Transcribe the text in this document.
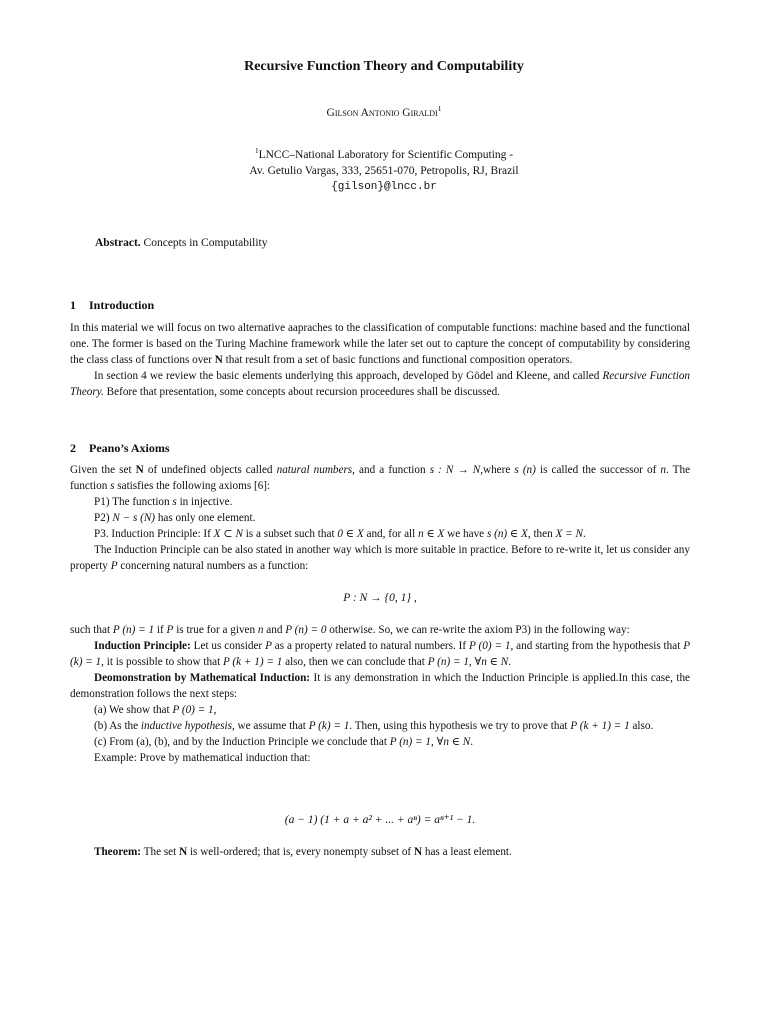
Recursive Function Theory and Computability
Gilson Antonio Giraldi$^1$
$^1$LNCC–National Laboratory for Scientific Computing -
Av. Getulio Vargas, 333, 25651-070, Petropolis, RJ, Brazil
{gilson}@lncc.br
Abstract. Concepts in Computability
1 Introduction

In this material we will focus on two alternative aapraches to the classification of computable functions: machine based and the functional one. The former is based on the Turing Machine framework while the later set out to capture the concept of computability by considering the class class of functions over N that result from a set of basic functions and functional composition operators.

In section 4 we review the basic elements underlying this approach, developed by Gödel and Kleene, and called Recursive Function Theory. Before that presentation, some concepts about recursion proceedures shall be discussed.

2 Peano’s Axioms

Given the set N of undefined objects called natural numbers, and a function s : N → N,where s (n) is called the successor of n. The function s satisfies the following axioms [6]:

P1) The function s in injective.

P2) N − s (N) has only one element.

P3. Induction Principle: If X ⊂ N is a subset such that 0 ∈ X and, for all n ∈ X we have s (n) ∈ X, then X = N.

The Induction Principle can be also stated in another way which is more suitable in practice. Before to re-write it, let us consider any property P concerning natural numbers as a function:

P : N → {0, 1} ,

such that P (n) = 1 if P is true for a given n and P (n) = 0 otherwise. So, we can re-write the axiom P3) in the following way:

Induction Principle: Let us consider P as a property related to natural numbers. If P (0) = 1, and starting from the hypothesis that P (k) = 1, it is possible to show that P (k + 1) = 1 also, then we can conclude that P (n) = 1, ∀n ∈ N.

Deomonstration by Mathematical Induction: It is any demonstration in which the Induction Principle is applied.In this case, the demonstration follows the next steps:

(a) We show that P (0) = 1,

(b) As the inductive hypothesis, we assume that P (k) = 1. Then, using this hypothesis we try to prove that P (k + 1) = 1 also.

(c) From (a), (b), and by the Induction Principle we conclude that P (n) = 1, ∀n ∈ N.

Example: Prove by mathematical induction that:

(a − 1) (1 + a + a² + ... + aⁿ) = aⁿ⁺¹ − 1.

Theorem: The set N is well-ordered; that is, every nonempty subset of N has a least element.
